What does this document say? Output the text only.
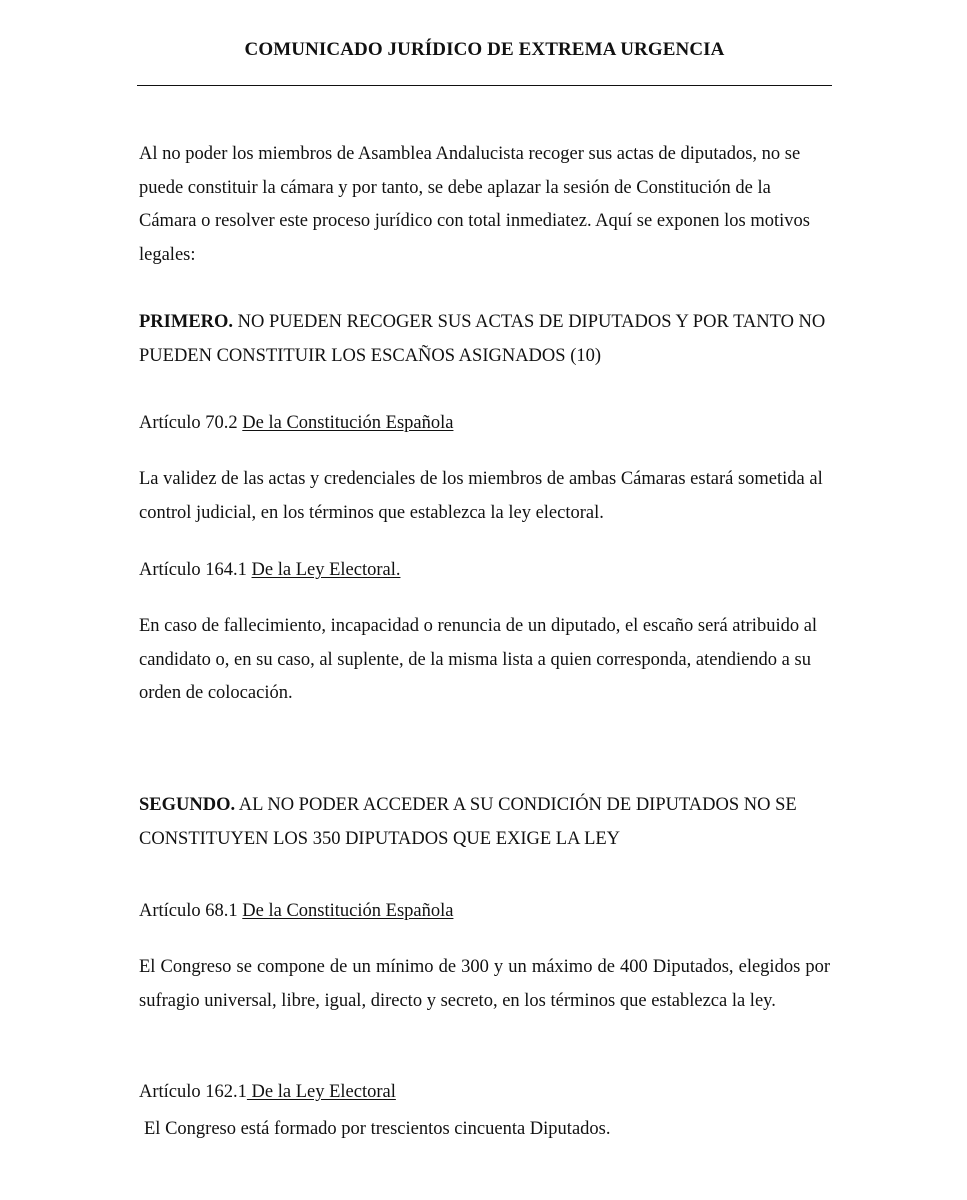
COMUNICADO JURÍDICO DE EXTREMA URGENCIA
Al no poder los miembros de Asamblea Andalucista recoger sus actas de diputados, no se puede constituir la cámara y por tanto, se debe aplazar la sesión de Constitución de la Cámara o resolver este proceso jurídico con total inmediatez. Aquí se exponen los motivos legales:
PRIMERO. NO PUEDEN RECOGER SUS ACTAS DE DIPUTADOS Y POR TANTO NO PUEDEN CONSTITUIR LOS ESCAÑOS ASIGNADOS (10)
Artículo 70.2 De la Constitución Española
La validez de las actas y credenciales de los miembros de ambas Cámaras estará sometida al control judicial, en los términos que establezca la ley electoral.
Artículo 164.1 De la Ley Electoral.
En caso de fallecimiento, incapacidad o renuncia de un diputado, el escaño será atribuido al candidato o, en su caso, al suplente, de la misma lista a quien corresponda, atendiendo a su orden de colocación.
SEGUNDO. AL NO PODER ACCEDER A SU CONDICIÓN DE DIPUTADOS NO SE CONSTITUYEN LOS 350 DIPUTADOS QUE EXIGE LA LEY
Artículo 68.1 De la Constitución Española
El Congreso se compone de un mínimo de 300 y un máximo de 400 Diputados, elegidos por sufragio universal, libre, igual, directo y secreto, en los términos que establezca la ley.
Artículo 162.1 De la Ley Electoral
El Congreso está formado por trescientos cincuenta Diputados.
